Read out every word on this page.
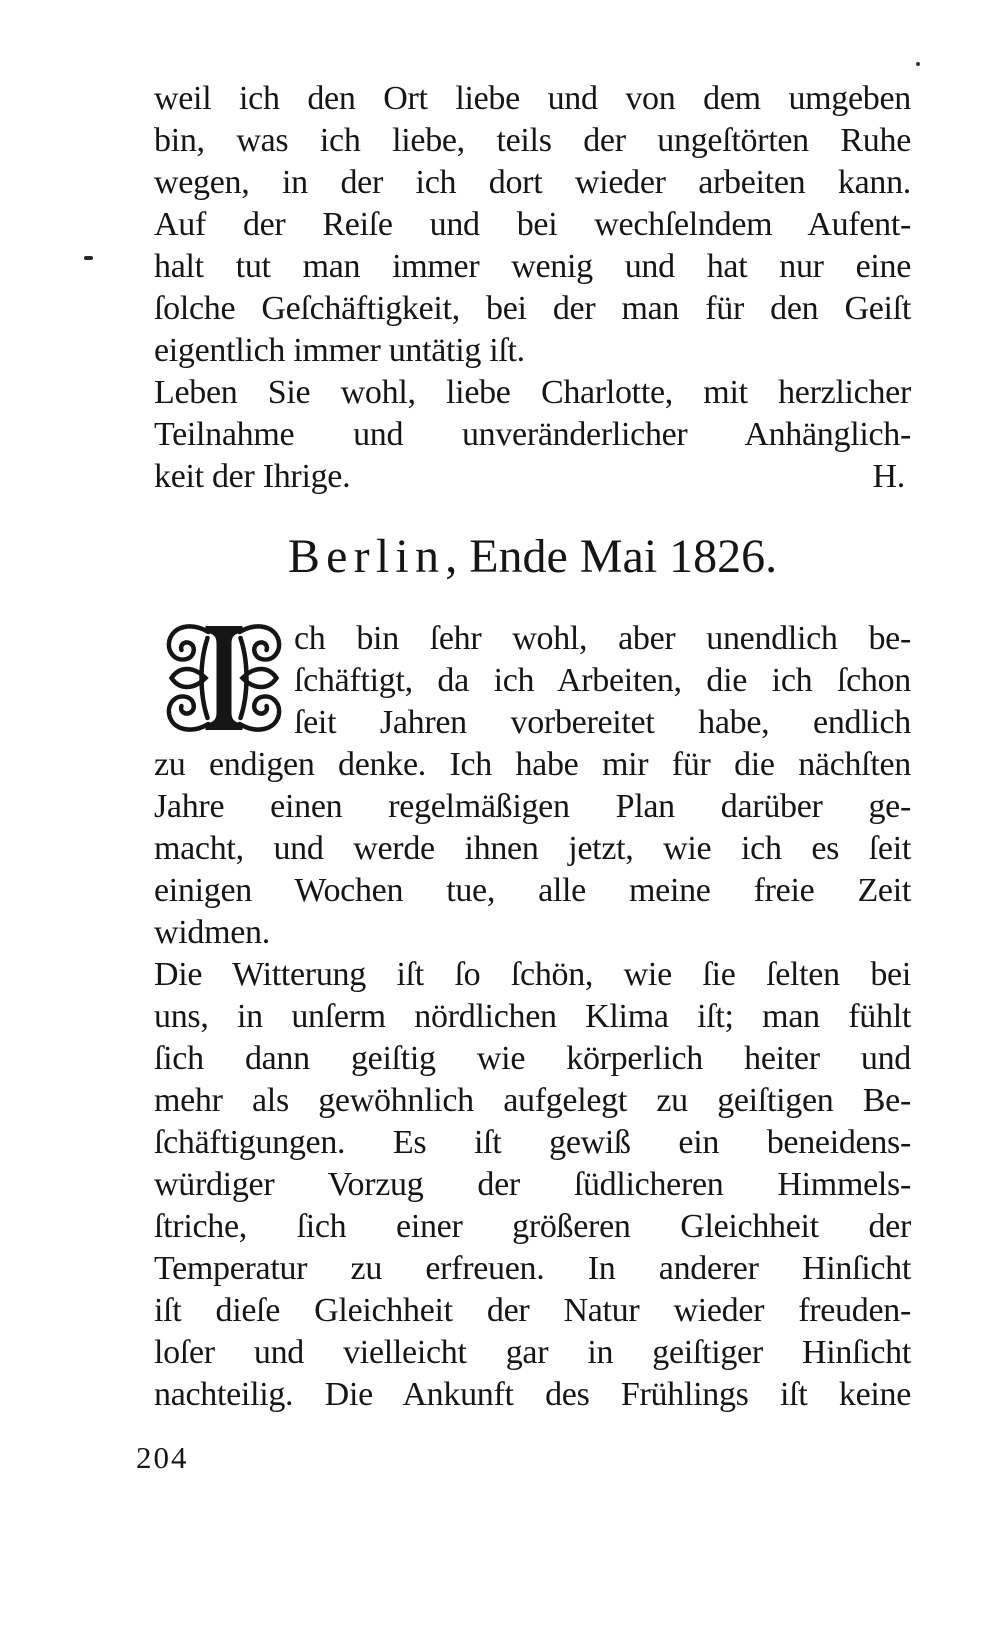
weil ich den Ort liebe und von dem umgeben
bin, was ich liebe, teils der ungeſtörten Ruhe
wegen, in der ich dort wieder arbeiten kann.
Auf der Reiſe und bei wechſelndem Aufent-
halt tut man immer wenig und hat nur eine
ſolche Geſchäftigkeit, bei der man für den Geiſt
eigentlich immer untätig iſt.
Leben Sie wohl, liebe Charlotte, mit herzlicher
Teilnahme und unveränderlicher Anhänglich-
keit der Ihrige.	H.
Berlin, Ende Mai 1826.
ch bin ſehr wohl, aber unendlich be-
ſchäftigt, da ich Arbeiten, die ich ſchon
ſeit Jahren vorbereitet habe, endlich
zu endigen denke. Ich habe mir für die nächſten
Jahre einen regelmäßigen Plan darüber ge-
macht, und werde ihnen jetzt, wie ich es ſeit
einigen Wochen tue, alle meine freie Zeit
widmen.
Die Witterung iſt ſo ſchön, wie ſie ſelten bei
uns, in unſerm nördlichen Klima iſt; man fühlt
ſich dann geiſtig wie körperlich heiter und
mehr als gewöhnlich aufgelegt zu geiſtigen Be-
ſchäftigungen. Es iſt gewiß ein beneidens-
würdiger Vorzug der ſüdlicheren Himmels-
ſtriche, ſich einer größeren Gleichheit der
Temperatur zu erfreuen. In anderer Hinſicht
iſt dieſe Gleichheit der Natur wieder freuden-
loſer und vielleicht gar in geiſtiger Hinſicht
nachteilig. Die Ankunft des Frühlings iſt keine
204
